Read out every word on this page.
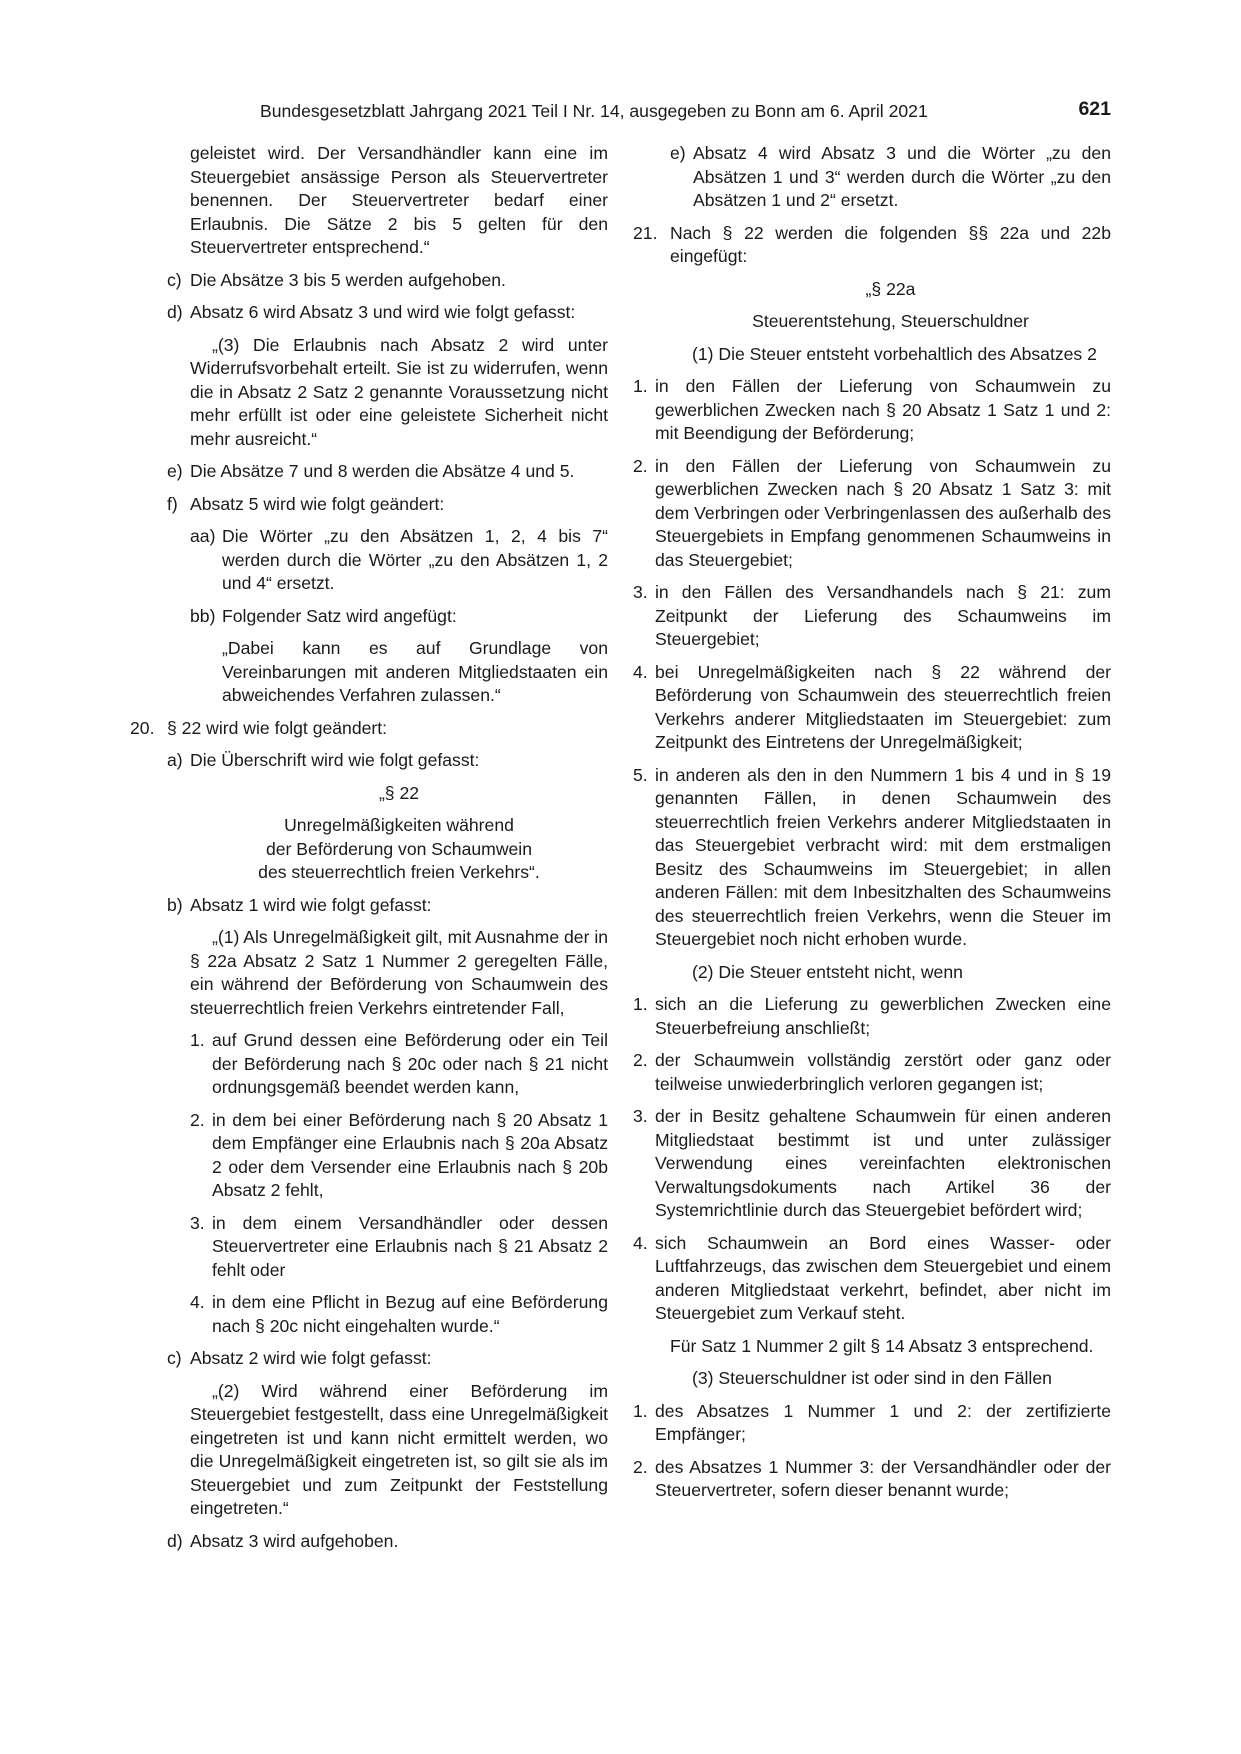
Bundesgesetzblatt Jahrgang 2021 Teil I Nr. 14, ausgegeben zu Bonn am 6. April 2021	621
geleistet wird. Der Versandhändler kann eine im Steuergebiet ansässige Person als Steuervertreter benennen. Der Steuervertreter bedarf einer Erlaubnis. Die Sätze 2 bis 5 gelten für den Steuervertreter entsprechend.“
c) Die Absätze 3 bis 5 werden aufgehoben.
d) Absatz 6 wird Absatz 3 und wird wie folgt gefasst:
„(3) Die Erlaubnis nach Absatz 2 wird unter Widerrufsvorbehalt erteilt. Sie ist zu widerrufen, wenn die in Absatz 2 Satz 2 genannte Voraussetzung nicht mehr erfüllt ist oder eine geleistete Sicherheit nicht mehr ausreicht.“
e) Die Absätze 7 und 8 werden die Absätze 4 und 5.
f) Absatz 5 wird wie folgt geändert:
aa) Die Wörter „zu den Absätzen 1, 2, 4 bis 7“ werden durch die Wörter „zu den Absätzen 1, 2 und 4“ ersetzt.
bb) Folgender Satz wird angefügt:
„Dabei kann es auf Grundlage von Vereinbarungen mit anderen Mitgliedstaaten ein abweichendes Verfahren zulassen.“
20. § 22 wird wie folgt geändert:
a) Die Überschrift wird wie folgt gefasst:
„§ 22
Unregelmäßigkeiten während
der Beförderung von Schaumwein
des steuerrechtlich freien Verkehrs“.
b) Absatz 1 wird wie folgt gefasst:
„(1) Als Unregelmäßigkeit gilt, mit Ausnahme der in § 22a Absatz 2 Satz 1 Nummer 2 geregelten Fälle, ein während der Beförderung von Schaumwein des steuerrechtlich freien Verkehrs eintretender Fall,
1. auf Grund dessen eine Beförderung oder ein Teil der Beförderung nach § 20c oder nach § 21 nicht ordnungsgemäß beendet werden kann,
2. in dem bei einer Beförderung nach § 20 Absatz 1 dem Empfänger eine Erlaubnis nach § 20a Absatz 2 oder dem Versender eine Erlaubnis nach § 20b Absatz 2 fehlt,
3. in dem einem Versandhändler oder dessen Steuervertreter eine Erlaubnis nach § 21 Absatz 2 fehlt oder
4. in dem eine Pflicht in Bezug auf eine Beförderung nach § 20c nicht eingehalten wurde.“
c) Absatz 2 wird wie folgt gefasst:
„(2) Wird während einer Beförderung im Steuergebiet festgestellt, dass eine Unregelmäßigkeit eingetreten ist und kann nicht ermittelt werden, wo die Unregelmäßigkeit eingetreten ist, so gilt sie als im Steuergebiet und zum Zeitpunkt der Feststellung eingetreten.“
d) Absatz 3 wird aufgehoben.
e) Absatz 4 wird Absatz 3 und die Wörter „zu den Absätzen 1 und 3“ werden durch die Wörter „zu den Absätzen 1 und 2“ ersetzt.
21. Nach § 22 werden die folgenden §§ 22a und 22b eingefügt:
„§ 22a
Steuerentstehung, Steuerschuldner
(1) Die Steuer entsteht vorbehaltlich des Absatzes 2
1. in den Fällen der Lieferung von Schaumwein zu gewerblichen Zwecken nach § 20 Absatz 1 Satz 1 und 2: mit Beendigung der Beförderung;
2. in den Fällen der Lieferung von Schaumwein zu gewerblichen Zwecken nach § 20 Absatz 1 Satz 3: mit dem Verbringen oder Verbringenlassen des außerhalb des Steuergebiets in Empfang genommenen Schaumweins in das Steuergebiet;
3. in den Fällen des Versandhandels nach § 21: zum Zeitpunkt der Lieferung des Schaumweins im Steuergebiet;
4. bei Unregelmäßigkeiten nach § 22 während der Beförderung von Schaumwein des steuerrechtlich freien Verkehrs anderer Mitgliedstaaten im Steuergebiet: zum Zeitpunkt des Eintretens der Unregelmäßigkeit;
5. in anderen als den in den Nummern 1 bis 4 und in § 19 genannten Fällen, in denen Schaumwein des steuerrechtlich freien Verkehrs anderer Mitgliedstaaten in das Steuergebiet verbracht wird: mit dem erstmaligen Besitz des Schaumweins im Steuergebiet; in allen anderen Fällen: mit dem Inbesitzhalten des Schaumweins des steuerrechtlich freien Verkehrs, wenn die Steuer im Steuergebiet noch nicht erhoben wurde.
(2) Die Steuer entsteht nicht, wenn
1. sich an die Lieferung zu gewerblichen Zwecken eine Steuerbefreiung anschließt;
2. der Schaumwein vollständig zerstört oder ganz oder teilweise unwiederbringlich verloren gegangen ist;
3. der in Besitz gehaltene Schaumwein für einen anderen Mitgliedstaat bestimmt ist und unter zulässiger Verwendung eines vereinfachten elektronischen Verwaltungsdokuments nach Artikel 36 der Systemrichtlinie durch das Steuergebiet befördert wird;
4. sich Schaumwein an Bord eines Wasser- oder Luftfahrzeugs, das zwischen dem Steuergebiet und einem anderen Mitgliedstaat verkehrt, befindet, aber nicht im Steuergebiet zum Verkauf steht.
Für Satz 1 Nummer 2 gilt § 14 Absatz 3 entsprechend.
(3) Steuerschuldner ist oder sind in den Fällen
1. des Absatzes 1 Nummer 1 und 2: der zertifizierte Empfänger;
2. des Absatzes 1 Nummer 3: der Versandhändler oder der Steuervertreter, sofern dieser benannt wurde;
